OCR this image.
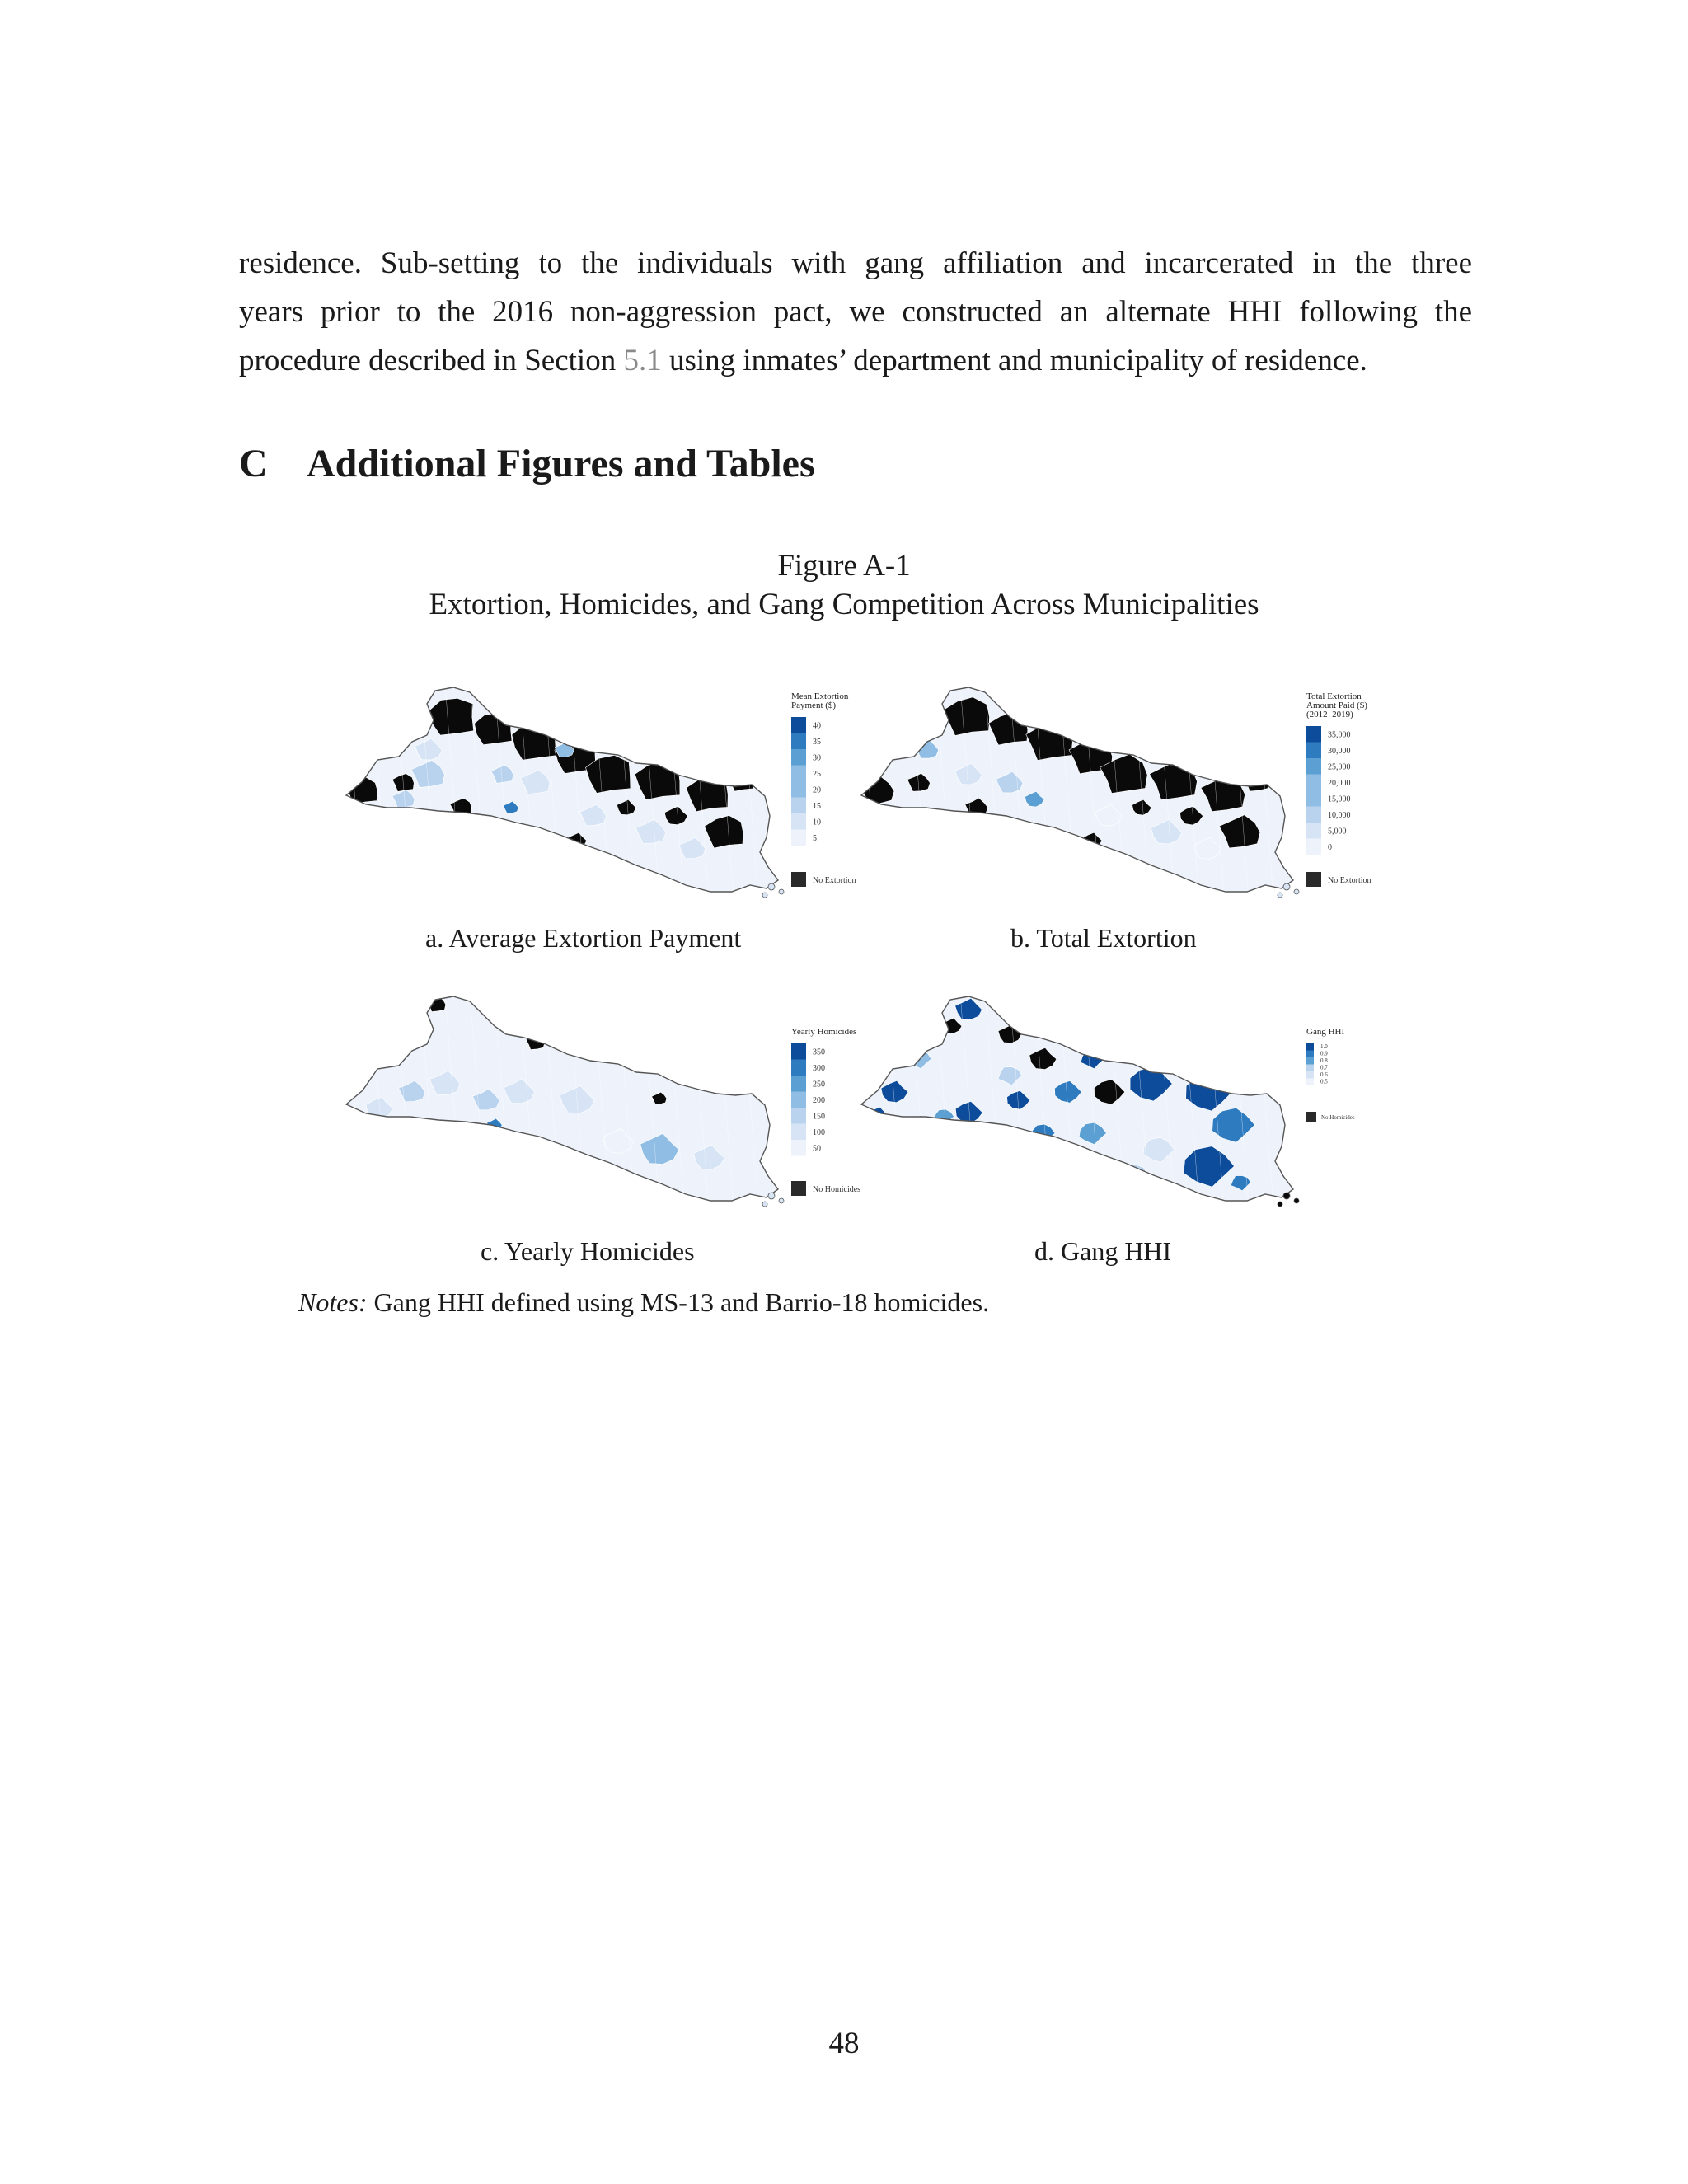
residence. Sub-setting to the individuals with gang affiliation and incarcerated in the three
years prior to the 2016 non-aggression pact, we constructed an alternate HHI following the
procedure described in Section 5.1 using inmates’ department and municipality of residence.
C Additional Figures and Tables
Figure A-1
Extortion, Homicides, and Gang Competition Across Municipalities
Mean Extortion
Payment ($)
40
35
30
25
20
15
10
5
No Extortion
Total Extortion
Amount Paid ($)
(2012–2019)
35,000
30,000
25,000
20,000
15,000
10,000
5,000
0
No Extortion
Yearly Homicides
350
300
250
200
150
100
50
No Homicides
Gang HHI
1.0
0.9
0.8
0.7
0.6
0.5
No Homicides
a. Average Extortion Payment	b. Total Extortion
c. Yearly Homicides	d. Gang HHI
Notes: Gang HHI defined using MS-13 and Barrio-18 homicides.
48
